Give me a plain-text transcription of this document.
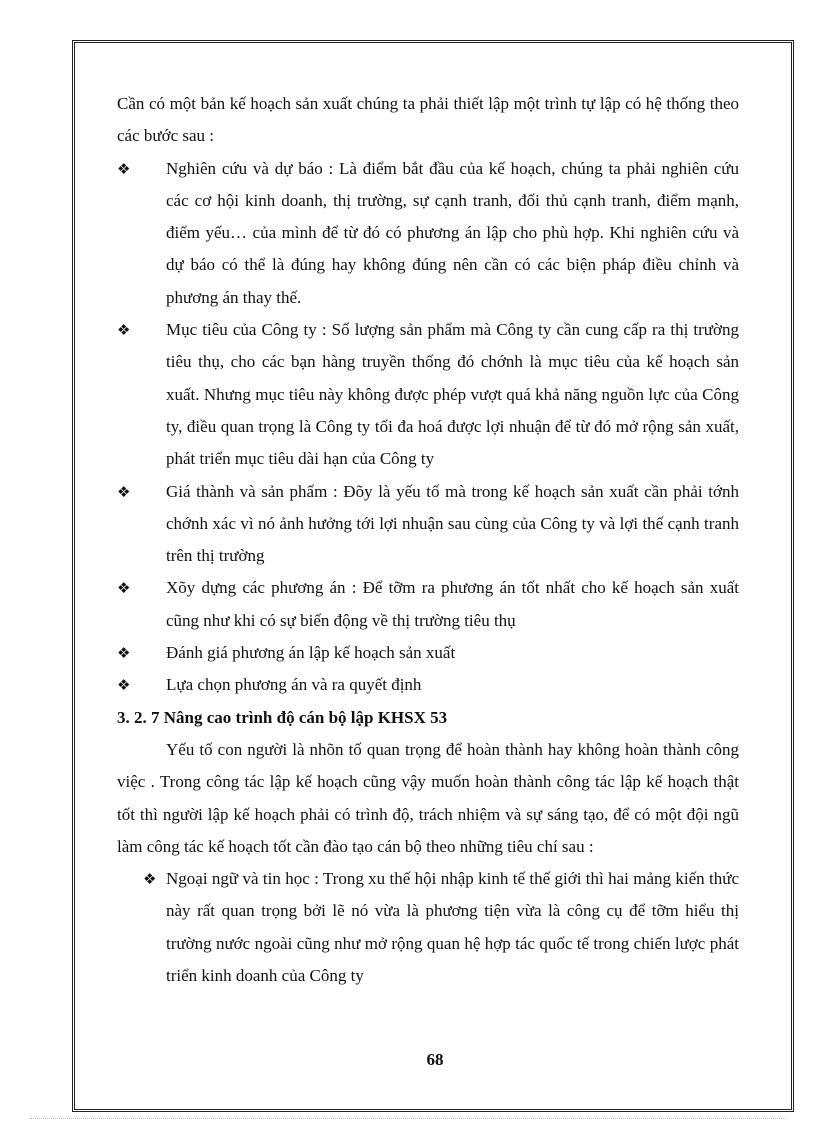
Cần có một bản kế hoạch sản xuất chúng ta phải thiết lập một trình tự lập có hệ thống theo các bước sau :

❖	Nghiên cứu và dự báo : Là điểm bắt đầu của kế hoạch, chúng ta phải nghiên cứu các cơ hội kinh doanh, thị trường, sự cạnh tranh, đối thủ cạnh tranh, điểm mạnh, điểm yếu… của mình để từ đó có phương án lập cho phù hợp. Khi nghiên cứu và dự báo có thể là đúng hay không đúng nên cần có các biện pháp điều chỉnh và phương án thay thế.
❖	Mục tiêu của Công ty : Số lượng sản phẩm mà Công ty cần cung cấp ra thị trường tiêu thụ, cho các bạn hàng truyền thống đó chớnh là mục tiêu của kế hoạch sản xuất. Nhưng mục tiêu này không được phép vượt quá khả năng nguồn lực của Công ty, điều quan trọng là Công ty tối đa hoá được lợi nhuận để từ đó mở rộng sản xuất, phát triển mục tiêu dài hạn của Công ty
❖	Giá thành và sản phẩm : Đõy là yếu tố mà trong kế hoạch sản xuất cần phải tớnh chớnh xác vì nó ảnh hưởng tới lợi nhuận sau cùng của Công ty và lợi thế cạnh tranh trên thị trường
❖	Xõy dựng các phương án : Để tỡm ra phương án tốt nhất cho kế hoạch sản xuất cũng như khi có sự biến động về thị trường tiêu thụ
❖	Đánh giá phương án lập kế hoạch sản xuất
❖	Lựa chọn phương án và ra quyết định

3. 2. 7 Nâng cao trình độ cán bộ lập KHSX 53

Yếu tố con người là nhõn tố quan trọng để hoàn thành hay không hoàn thành công việc . Trong công tác lập kế hoạch cũng vậy muốn hoàn thành công tác lập kế hoạch thật tốt thì người lập kế hoạch phải có trình độ, trách nhiệm và sự sáng tạo, để có một đội ngũ làm công tác kế hoạch tốt cần đào tạo cán bộ theo những tiêu chí sau :

❖ Ngoại ngữ và tin học : Trong xu thế hội nhập kinh tế thế giới thì hai mảng kiến thức này rất quan trọng bởi lẽ nó vừa là phương tiện vừa là công cụ để tỡm hiểu thị trường nước ngoài cũng như mở rộng quan hệ hợp tác quốc tế trong chiến lược phát triển kinh doanh của Công ty
68
